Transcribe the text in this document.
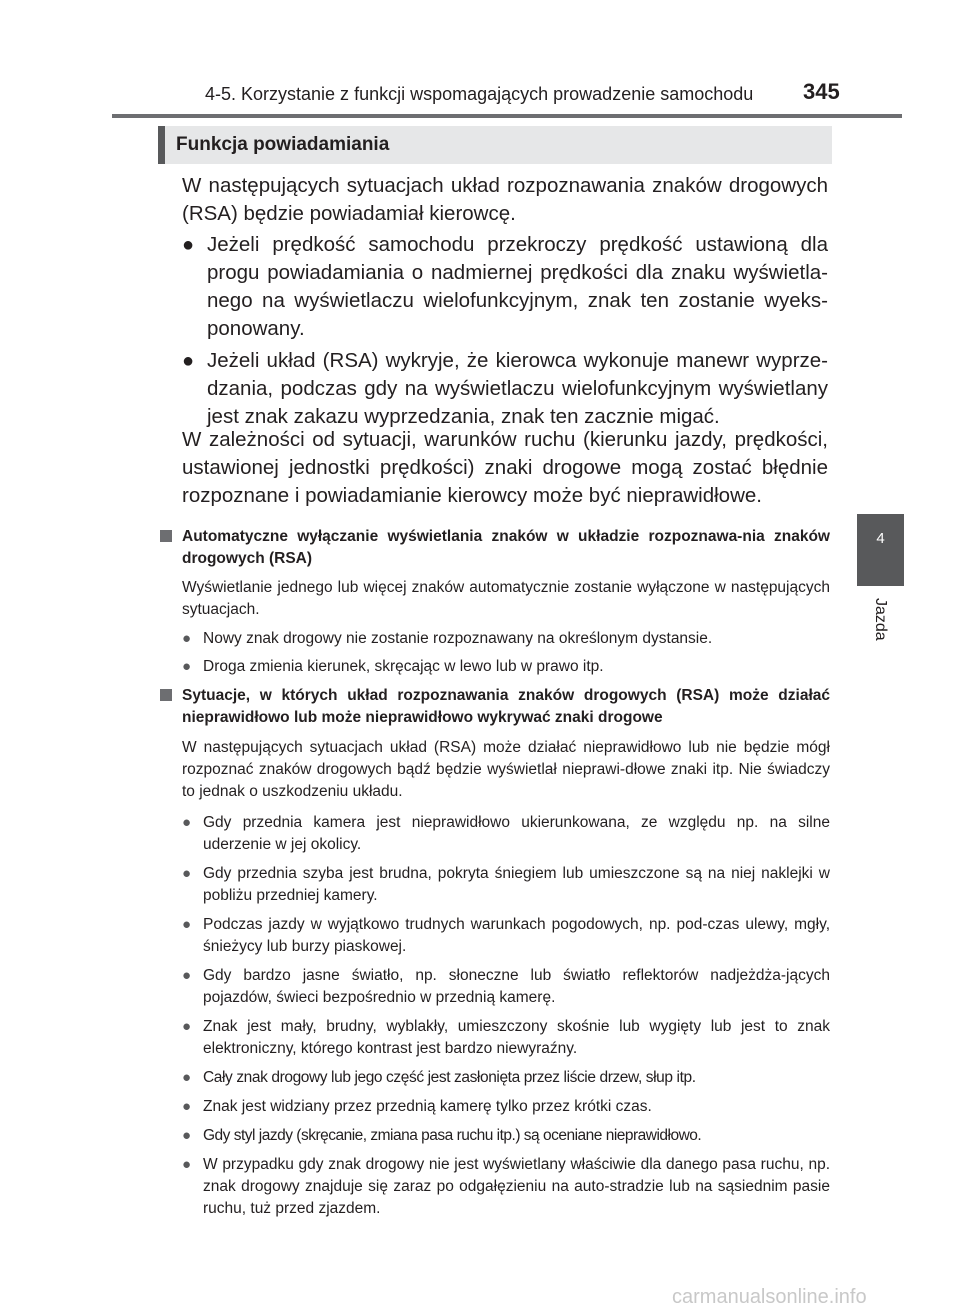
4-5. Korzystanie z funkcji wspomagających prowadzenie samochodu 345
4
Jazda
Funkcja powiadamiania
W następujących sytuacjach układ rozpoznawania znaków drogowych (RSA) będzie powiadamiał kierowcę.
● Jeżeli prędkość samochodu przekroczy prędkość ustawioną dla progu powiadamiania o nadmiernej prędkości dla znaku wyświetla-nego na wyświetlaczu wielofunkcyjnym, znak ten zostanie wyeks-ponowany.
● Jeżeli układ (RSA) wykryje, że kierowca wykonuje manewr wyprze-dzania, podczas gdy na wyświetlaczu wielofunkcyjnym wyświetlany jest znak zakazu wyprzedzania, znak ten zacznie migać.
W zależności od sytuacji, warunków ruchu (kierunku jazdy, prędkości, ustawionej jednostki prędkości) znaki drogowe mogą zostać błędnie rozpoznane i powiadamianie kierowcy może być nieprawidłowe.
Automatyczne wyłączanie wyświetlania znaków w układzie rozpoznawa-nia znaków drogowych (RSA)
Wyświetlanie jednego lub więcej znaków automatycznie zostanie wyłączone w następujących sytuacjach.
● Nowy znak drogowy nie zostanie rozpoznawany na określonym dystansie.
● Droga zmienia kierunek, skręcając w lewo lub w prawo itp.
Sytuacje, w których układ rozpoznawania znaków drogowych (RSA) może działać nieprawidłowo lub może nieprawidłowo wykrywać znaki drogowe
W następujących sytuacjach układ (RSA) może działać nieprawidłowo lub nie będzie mógł rozpoznać znaków drogowych bądź będzie wyświetlał nieprawi-dłowe znaki itp. Nie świadczy to jednak o uszkodzeniu układu.
● Gdy przednia kamera jest nieprawidłowo ukierunkowana, ze względu np. na silne uderzenie w jej okolicy.
● Gdy przednia szyba jest brudna, pokryta śniegiem lub umieszczone są na niej naklejki w pobliżu przedniej kamery.
● Podczas jazdy w wyjątkowo trudnych warunkach pogodowych, np. pod-czas ulewy, mgły, śnieżycy lub burzy piaskowej.
● Gdy bardzo jasne światło, np. słoneczne lub światło reflektorów nadjeżdża-jących pojazdów, świeci bezpośrednio w przednią kamerę.
● Znak jest mały, brudny, wyblakły, umieszczony skośnie lub wygięty lub jest to znak elektroniczny, którego kontrast jest bardzo niewyraźny.
● Cały znak drogowy lub jego część jest zasłonięta przez liście drzew, słup itp.
● Znak jest widziany przez przednią kamerę tylko przez krótki czas.
● Gdy styl jazdy (skręcanie, zmiana pasa ruchu itp.) są oceniane nieprawidłowo.
● W przypadku gdy znak drogowy nie jest wyświetlany właściwie dla danego pasa ruchu, np. znak drogowy znajduje się zaraz po odgałęzieniu na auto-stradzie lub na sąsiednim pasie ruchu, tuż przed zjazdem.
carmanualsonline.info
